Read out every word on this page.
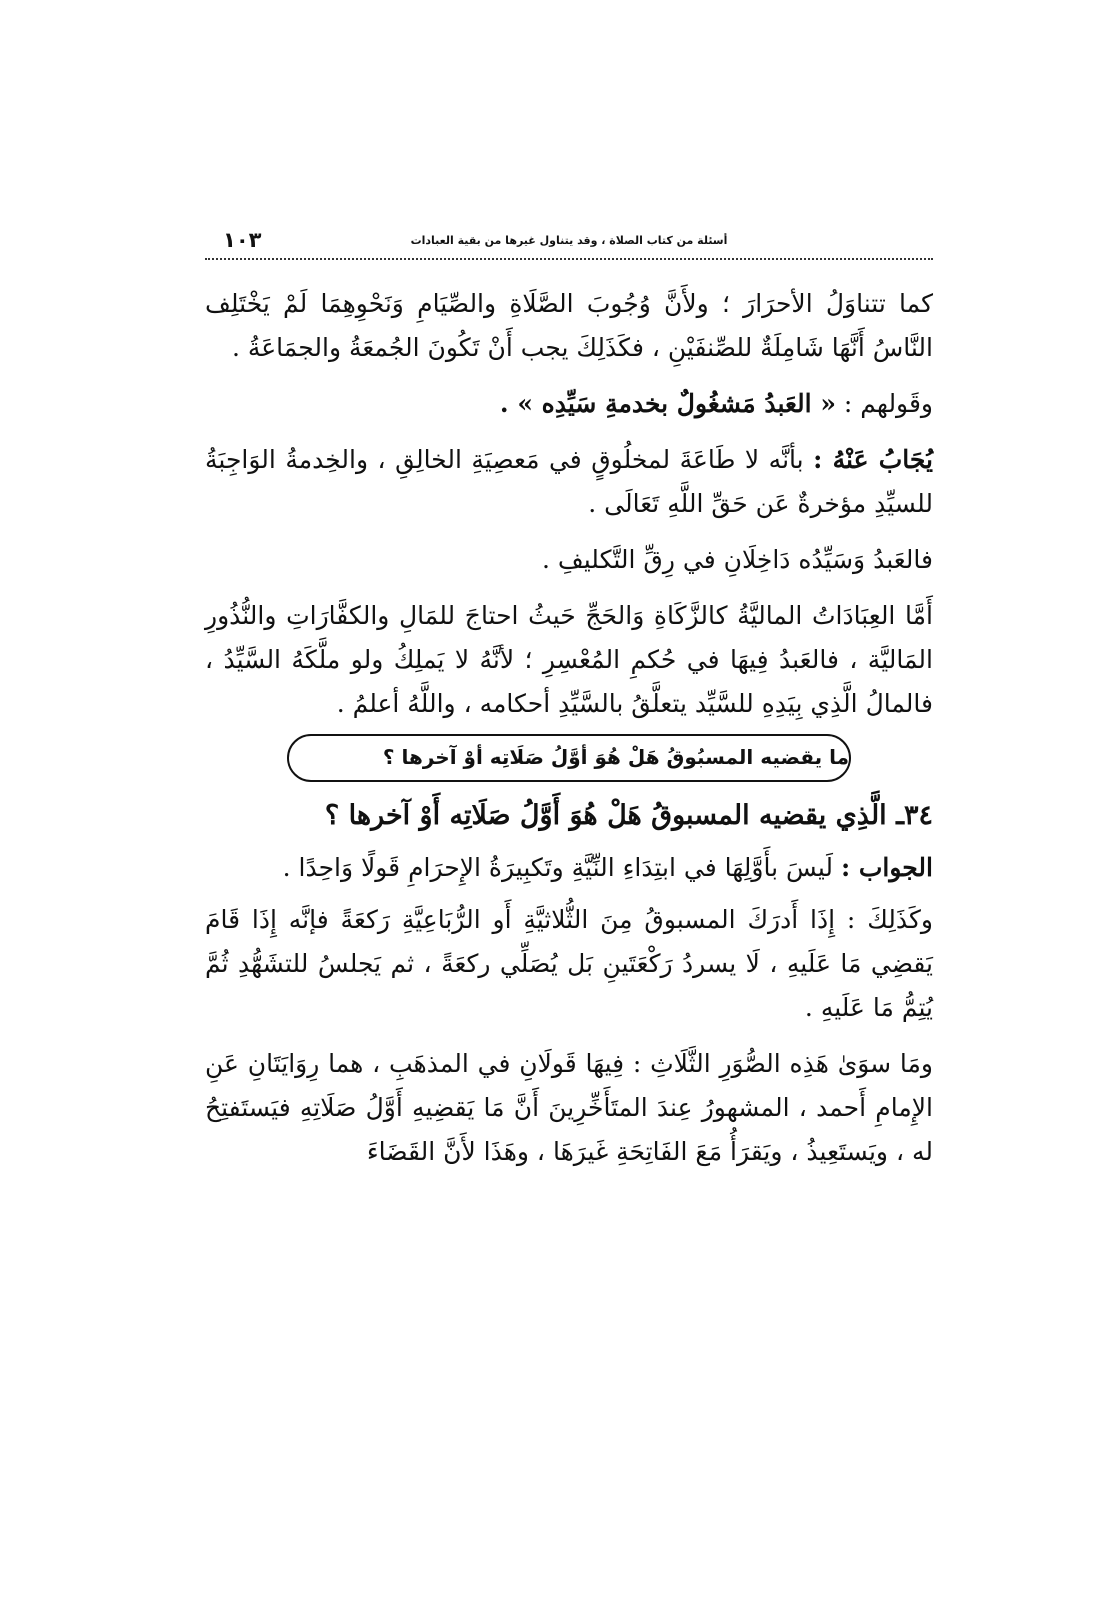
١٠٣	أسئلة من كتاب الصلاة ، وقد يتناول غيرها من بقية العبادات

كما تتناوَلُ الأحرَارَ ؛ ولأَنَّ وُجُوبَ الصَّلَاةِ والصِّيَامِ وَنَحْوِهِمَا لَمْ يَخْتَلِف النَّاسُ أَنَّهَا شَامِلَةٌ للصِّنفَيْنِ ، فكَذَلِكَ يجب أَنْ تَكُونَ الجُمعَةُ والجمَاعَةُ .

وقَولهم : « العَبدُ مَشغُولٌ بخدمةِ سَيِّدِه » .

يُجَابُ عَنْهُ : بأنَّه لا طَاعَةَ لمخلُوقٍ في مَعصِيَةِ الخالِقِ ، والخِدمةُ الوَاجِبَةُ للسيِّدِ مؤخرةٌ عَن حَقِّ اللَّهِ تَعَالَى .

فالعَبدُ وَسَيِّدُه دَاخِلَانِ في رِقِّ التَّكليفِ .

أَمَّا العِبَادَاتُ الماليَّةُ كالزَّكَاةِ وَالحَجِّ حَيثُ احتاجَ للمَالِ والكفَّارَاتِ والنُّذُورِ المَاليَّة ، فالعَبدُ فِيهَا في حُكمِ المُعْسِرِ ؛ لأنَّهُ لا يَملِكُ ولو ملَّكَهُ السَّيِّدُ ، فالمالُ الَّذِي بِيَدِهِ للسَّيِّد يتعلَّقُ بالسَّيِّدِ أحكامه ، واللَّهُ أعلمُ .

ما يقضيه المسبُوقُ هَلْ هُوَ أوَّلُ صَلَاتِه أوْ آخرها ؟

٣٤ـ الَّذِي يقضيه المسبوقُ هَلْ هُوَ أَوَّلُ صَلَاتِه أَوْ آخرها ؟

الجواب : لَيسَ بأَوَّلِهَا في ابتِدَاءِ النِّيَّةِ وتَكبِيرَةُ الإِحرَامِ قَولًا وَاحِدًا .

وكَذَلِكَ : إِذَا أَدرَكَ المسبوقُ مِنَ الثُّلاثيَّةِ أَو الرُّبَاعِيَّةِ رَكعَةً فإنَّه إِذَا قَامَ يَقضِي مَا عَلَيهِ ، لَا يسردُ رَكْعَتَينِ بَل يُصَلِّي ركعَةً ، ثم يَجلسُ للتشَهُّدِ ثُمَّ يُتِمُّ مَا عَلَيهِ .

ومَا سوَىٰ هَذِه الصُّوَرِ الثَّلَاثِ : فِيهَا قَولَانِ في المذهَبِ ، هما رِوَايَتَانِ عَنِ الإِمامِ أَحمد ، المشهورُ عِندَ المتَأَخِّرِينَ أَنَّ مَا يَقضِيهِ أَوَّلُ صَلَاتِهِ فيَستَفتِحُ له ، ويَستَعِيذُ ، ويَقرَأُ مَعَ الفَاتِحَةِ غَيرَهَا ، وهَذَا لأَنَّ القَضَاءَ
